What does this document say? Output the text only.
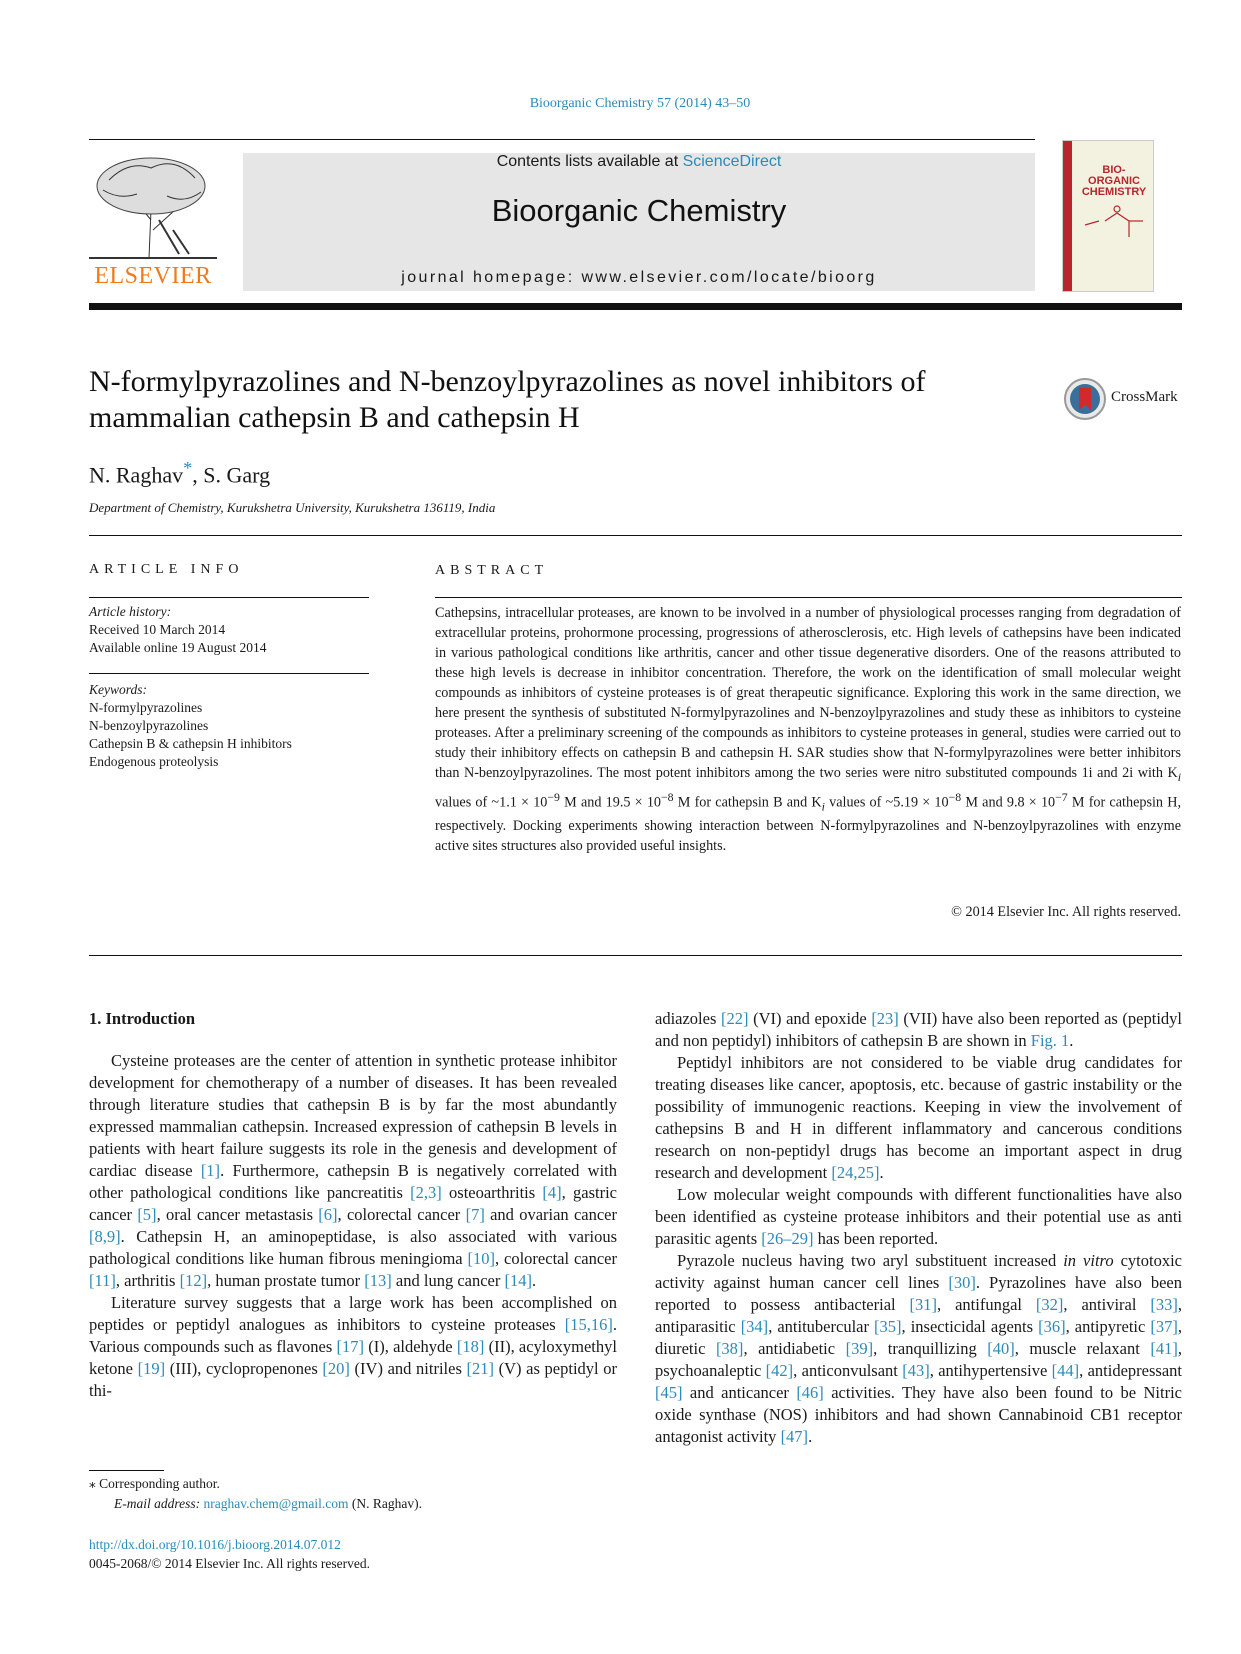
Bioorganic Chemistry 57 (2014) 43–50
ELSEVIER
Contents lists available at ScienceDirect
Bioorganic Chemistry
journal homepage: www.elsevier.com/locate/bioorg
BIO-ORGANIC CHEMISTRY
N-formylpyrazolines and N-benzoylpyrazolines as novel inhibitors of
mammalian cathepsin B and cathepsin H
CrossMark
N. Raghav*, S. Garg
Department of Chemistry, Kurukshetra University, Kurukshetra 136119, India
ARTICLE INFO
Article history:
Received 10 March 2014
Available online 19 August 2014
Keywords:
N-formylpyrazolines
N-benzoylpyrazolines
Cathepsin B & cathepsin H inhibitors
Endogenous proteolysis
ABSTRACT
Cathepsins, intracellular proteases, are known to be involved in a number of physiological processes ranging from degradation of extracellular proteins, prohormone processing, progressions of atherosclerosis, etc. High levels of cathepsins have been indicated in various pathological conditions like arthritis, cancer and other tissue degenerative disorders. One of the reasons attributed to these high levels is decrease in inhibitor concentration. Therefore, the work on the identification of small molecular weight compounds as inhibitors of cysteine proteases is of great therapeutic significance. Exploring this work in the same direction, we here present the synthesis of substituted N-formylpyrazolines and N-benzoylpyrazolines and study these as inhibitors to cysteine proteases. After a preliminary screening of the compounds as inhibitors to cysteine proteases in general, studies were carried out to study their inhibitory effects on cathepsin B and cathepsin H. SAR studies show that N-formylpyrazolines were better inhibitors than N-benzoylpyrazolines. The most potent inhibitors among the two series were nitro substituted compounds 1i and 2i with $K_i$ values of ~1.1 × $10^{-9}$ M and $19.5 \times 10^{-8}$ M for cathepsin B and $K_i$ values of ~5.19 × $10^{-8}$ M and $9.8 \times 10^{-7}$ M for cathepsin H, respectively. Docking experiments showing interaction between N-formylpyrazolines and N-benzoylpyrazolines with enzyme active sites structures also provided useful insights.
© 2014 Elsevier Inc. All rights reserved.
1. Introduction

Cysteine proteases are the center of attention in synthetic protease inhibitor development for chemotherapy of a number of diseases. It has been revealed through literature studies that cathepsin B is by far the most abundantly expressed mammalian cathepsin. Increased expression of cathepsin B levels in patients with heart failure suggests its role in the genesis and development of cardiac disease [1]. Furthermore, cathepsin B is negatively correlated with other pathological conditions like pancreatitis [2,3] osteoarthritis [4], gastric cancer [5], oral cancer metastasis [6], colorectal cancer [7] and ovarian cancer [8,9]. Cathepsin H, an aminopeptidase, is also associated with various pathological conditions like human fibrous meningioma [10], colorectal cancer [11], arthritis [12], human prostate tumor [13] and lung cancer [14].

Literature survey suggests that a large work has been accomplished on peptides or peptidyl analogues as inhibitors to cysteine proteases [15,16]. Various compounds such as flavones [17] (I), aldehyde [18] (II), acyloxymethyl ketone [19] (III), cyclopropenones [20] (IV) and nitriles [21] (V) as peptidyl or thi-

adiazoles [22] (VI) and epoxide [23] (VII) have also been reported as (peptidyl and non peptidyl) inhibitors of cathepsin B are shown in Fig. 1.

Peptidyl inhibitors are not considered to be viable drug candidates for treating diseases like cancer, apoptosis, etc. because of gastric instability or the possibility of immunogenic reactions. Keeping in view the involvement of cathepsins B and H in different inflammatory and cancerous conditions research on non-peptidyl drugs has become an important aspect in drug research and development [24,25].

Low molecular weight compounds with different functionalities have also been identified as cysteine protease inhibitors and their potential use as anti parasitic agents [26–29] has been reported.

Pyrazole nucleus having two aryl substituent increased in vitro cytotoxic activity against human cancer cell lines [30]. Pyrazolines have also been reported to possess antibacterial [31], antifungal [32], antiviral [33], antiparasitic [34], antitubercular [35], insecticidal agents [36], antipyretic [37], diuretic [38], antidiabetic [39], tranquillizing [40], muscle relaxant [41], psychoanaleptic [42], anticonvulsant [43], antihypertensive [44], antidepressant [45] and anticancer [46] activities. They have also been found to be Nitric oxide synthase (NOS) inhibitors and had shown Cannabinoid CB1 receptor antagonist activity [47].

⁎ Corresponding author.
E-mail address: nraghav.chem@gmail.com (N. Raghav).
http://dx.doi.org/10.1016/j.bioorg.2014.07.012
0045-2068/© 2014 Elsevier Inc. All rights reserved.
